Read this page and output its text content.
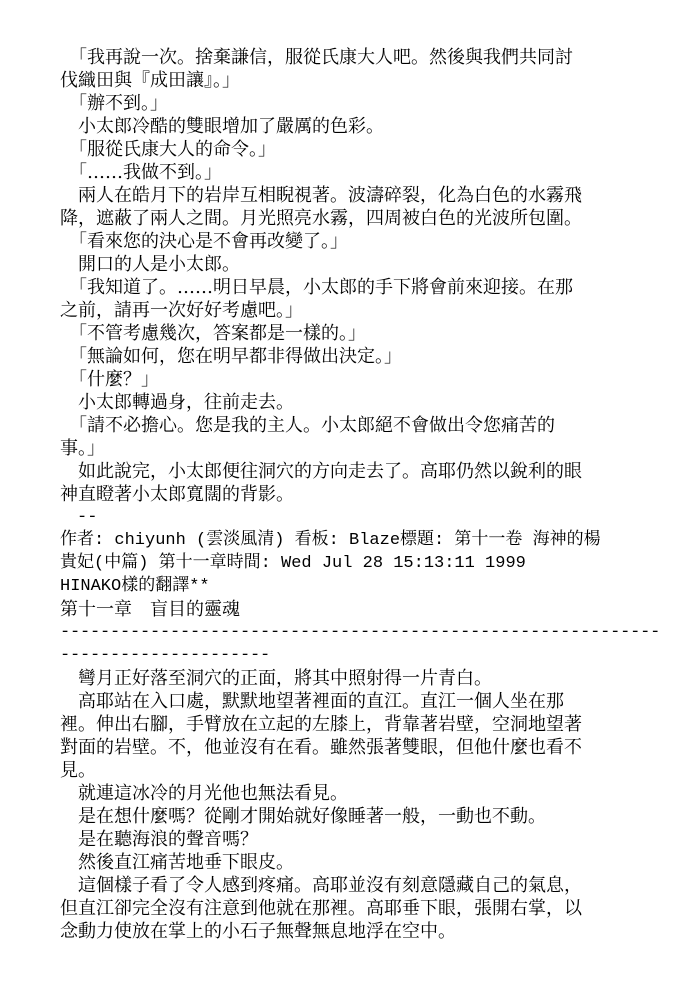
　「我再說一次。捨棄謙信，服從氏康大人吧。然後與我們共同討
伐織田與『成田讓』。」
　「辦不到。」
　小太郎冷酷的雙眼增加了嚴厲的色彩。
　「服從氏康大人的命令。」
　「……我做不到。」
　兩人在皓月下的岩岸互相睨視著。波濤碎裂，化為白色的水霧飛
降，遮蔽了兩人之間。月光照亮水霧，四周被白色的光波所包圍。
　「看來您的決心是不會再改變了。」
　開口的人是小太郎。
　「我知道了。……明日早晨，小太郎的手下將會前來迎接。在那
之前，請再一次好好考慮吧。」
　「不管考慮幾次，答案都是一樣的。」
　「無論如何，您在明早都非得做出決定。」
　「什麼？」
　小太郎轉過身，往前走去。
　「請不必擔心。您是我的主人。小太郎絕不會做出令您痛苦的
事。」
　如此說完，小太郎便往洞穴的方向走去了。高耶仍然以銳利的眼
神直瞪著小太郎寬闊的背影。
　--
作者: chiyunh (雲淡風清) 看板: Blaze標題: 第十一卷 海神的楊
貴妃(中篇) 第十一章時間: Wed Jul 28 15:13:11 1999
HINAKO樣的翻譯**
第十一章　盲目的靈魂
------------------------------------------------------------
---------------------
　彎月正好落至洞穴的正面，將其中照射得一片青白。
　高耶站在入口處，默默地望著裡面的直江。直江一個人坐在那
裡。伸出右腳，手臂放在立起的左膝上，背靠著岩壁，空洞地望著
對面的岩壁。不，他並沒有在看。雖然張著雙眼，但他什麼也看不
見。
　就連這冰冷的月光他也無法看見。
　是在想什麼嗎？從剛才開始就好像睡著一般，一動也不動。
　是在聽海浪的聲音嗎？
　然後直江痛苦地垂下眼皮。
　這個樣子看了令人感到疼痛。高耶並沒有刻意隱藏自己的氣息，
但直江卻完全沒有注意到他就在那裡。高耶垂下眼，張開右掌，以
念動力使放在掌上的小石子無聲無息地浮在空中。
